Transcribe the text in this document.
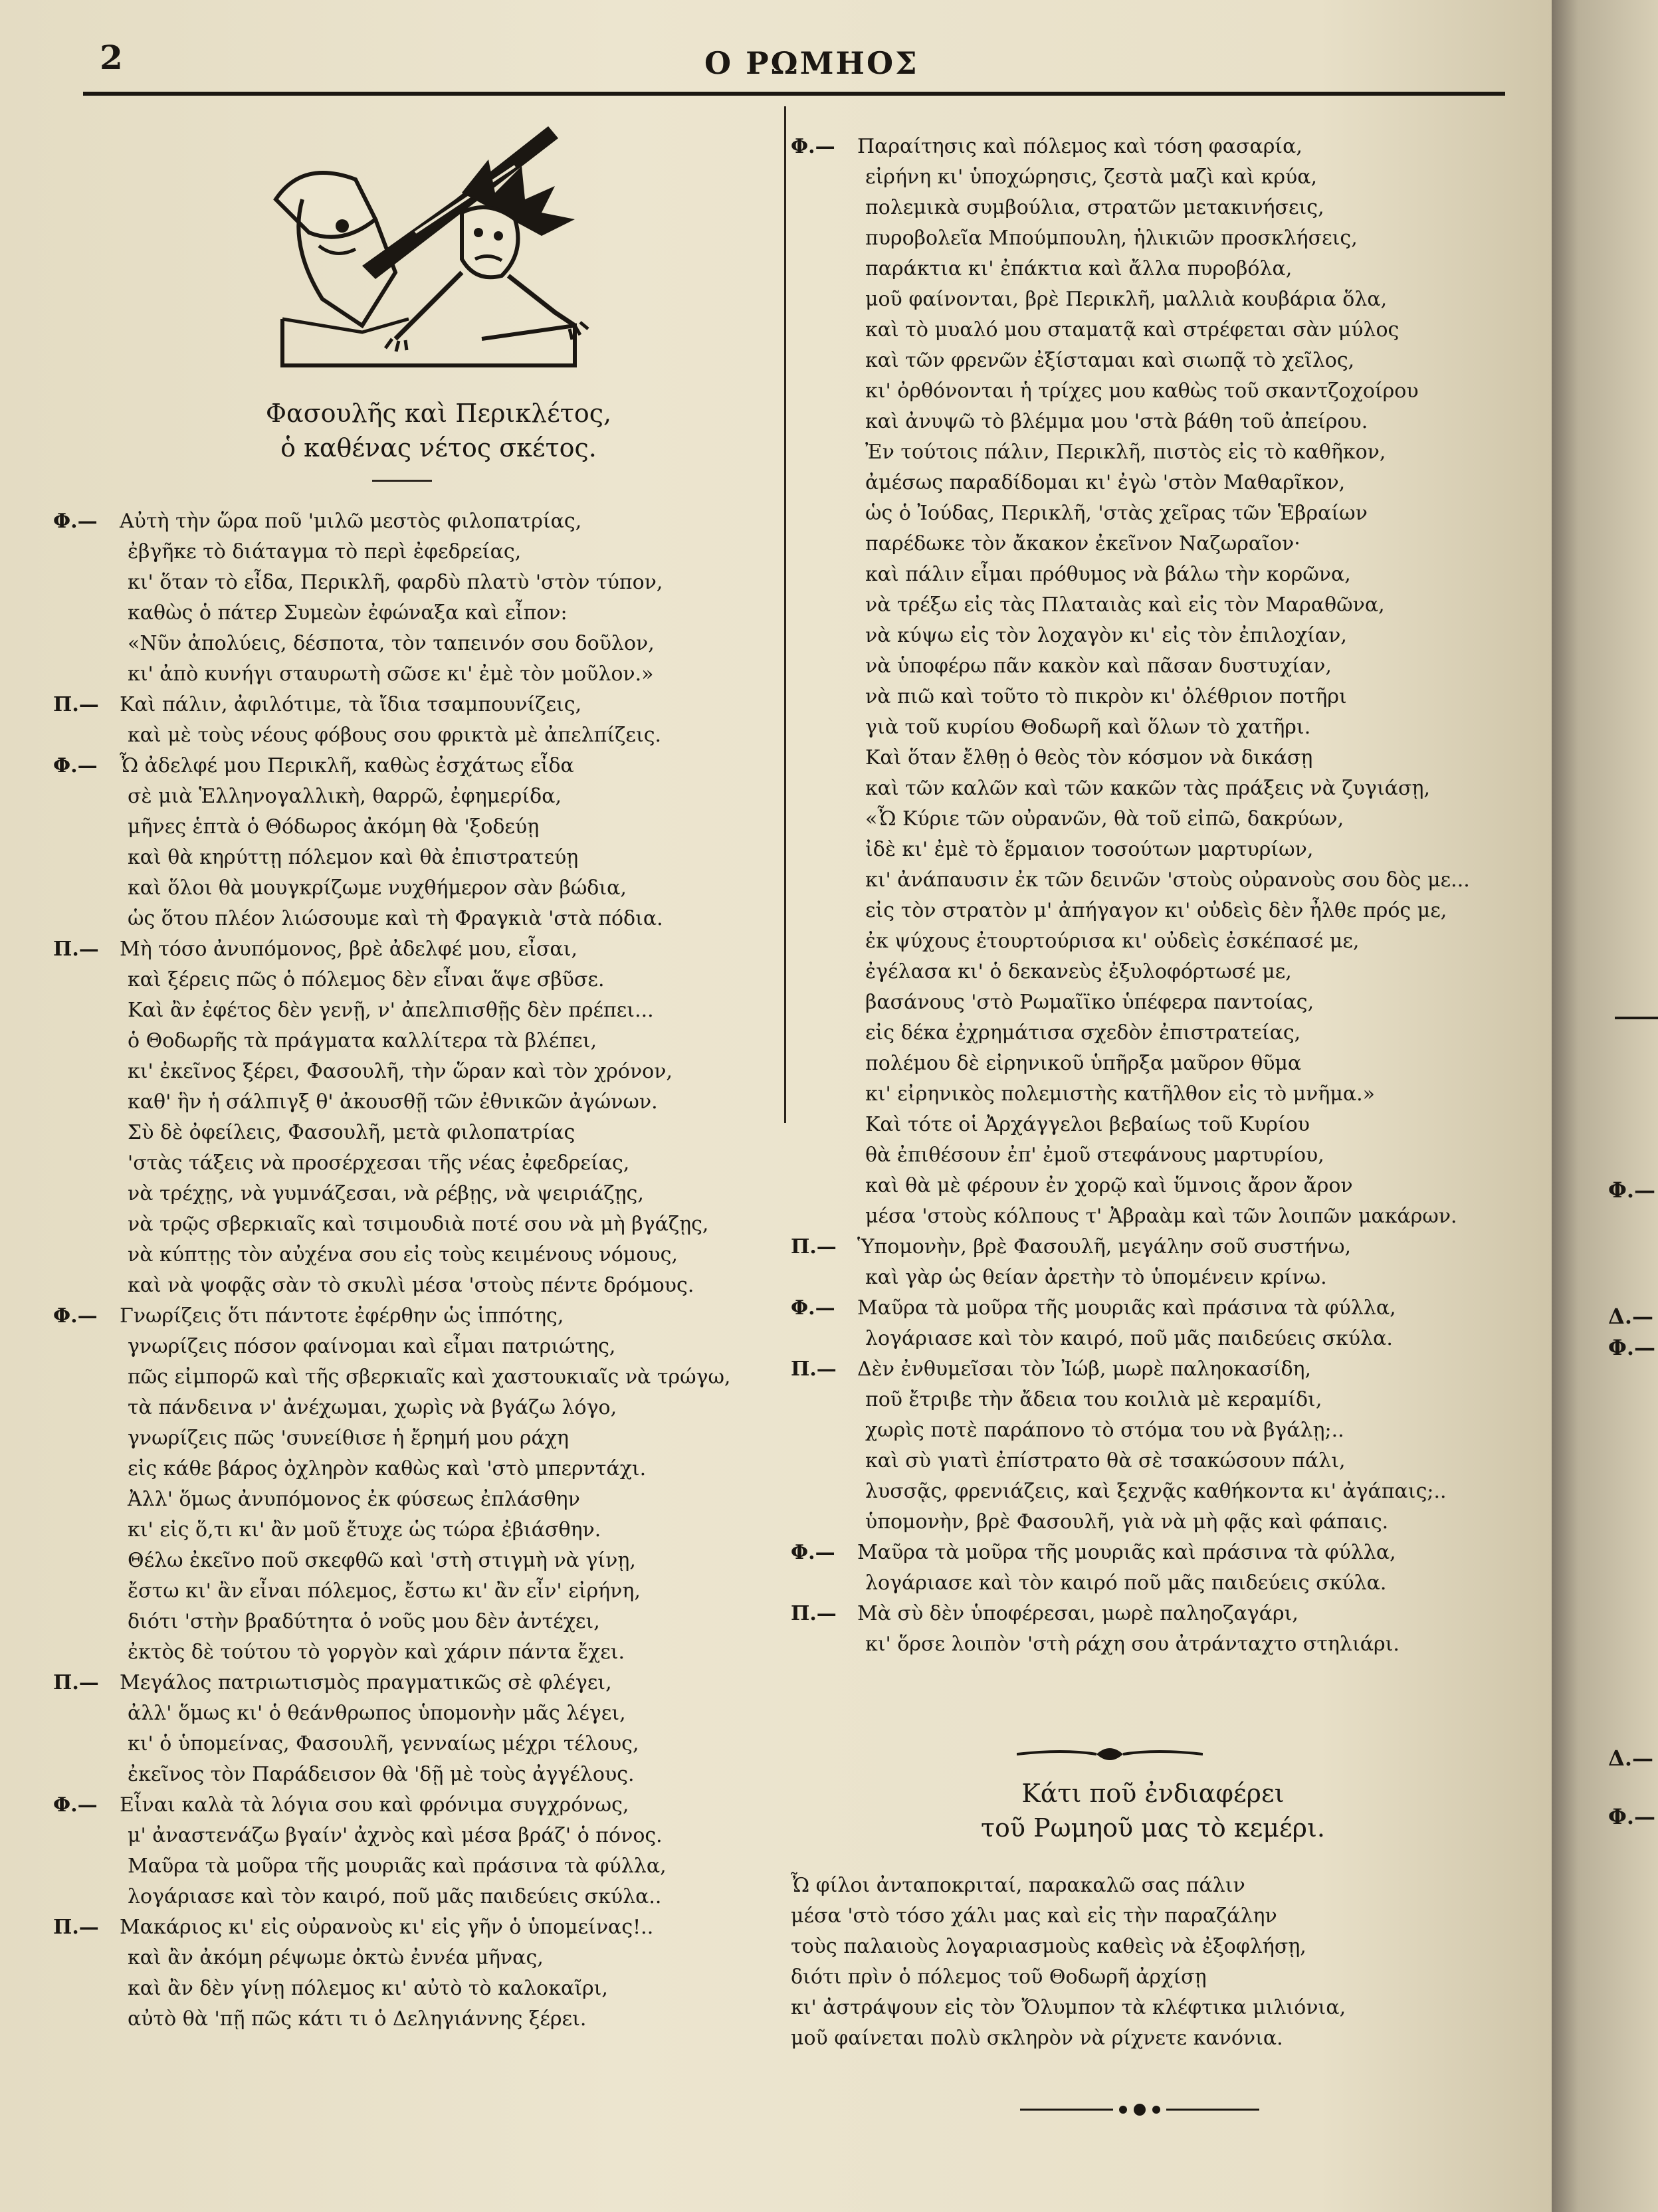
2	Ο ΡΩΜΗΟΣ
Φασουλῆς καὶ Περικλέτος,
ὁ καθένας νέτος σκέτος.
Φ.— Αὐτὴ τὴν ὥρα ποῦ 'μιλῶ μεστὸς φιλοπατρίας,
ἐβγῆκε τὸ διάταγμα τὸ περὶ ἐφεδρείας,
κι' ὅταν τὸ εἶδα, Περικλῆ, φαρδὺ πλατὺ 'στὸν τύπον,
καθὼς ὁ πάτερ Συμεὼν ἐφώναξα καὶ εἶπον:
«Νῦν ἀπολύεις, δέσποτα, τὸν ταπεινόν σου δοῦλον,
κι' ἀπὸ κυνήγι σταυρωτὴ σῶσε κι' ἐμὲ τὸν μοῦλον.»
Π.— Καὶ πάλιν, ἀφιλότιμε, τὰ ἴδια τσαμπουνίζεις,
καὶ μὲ τοὺς νέους φόβους σου φρικτὰ μὲ ἀπελπίζεις.
Φ.— Ὦ ἀδελφέ μου Περικλῆ, καθὼς ἐσχάτως εἶδα
σὲ μιὰ Ἑλληνογαλλικὴ, θαρρῶ, ἐφημερίδα,
μῆνες ἑπτὰ ὁ Θόδωρος ἀκόμη θὰ 'ξοδεύῃ
καὶ θὰ κηρύττῃ πόλεμον καὶ θὰ ἐπιστρατεύῃ
καὶ ὅλοι θὰ μουγκρίζωμε νυχθήμερον σὰν βώδια,
ὡς ὅτου πλέον λιώσουμε καὶ τὴ Φραγκιὰ 'στὰ πόδια.
Π.— Μὴ τόσο ἀνυπόμονος, βρὲ ἀδελφέ μου, εἶσαι,
καὶ ξέρεις πῶς ὁ πόλεμος δὲν εἶναι ἅψε σβῦσε.
Καὶ ἂν ἐφέτος δὲν γενῇ, ν' ἀπελπισθῇς δὲν πρέπει...
ὁ Θοδωρῆς τὰ πράγματα καλλίτερα τὰ βλέπει,
κι' ἐκεῖνος ξέρει, Φασουλῆ, τὴν ὥραν καὶ τὸν χρόνον,
καθ' ἣν ἡ σάλπιγξ θ' ἀκουσθῇ τῶν ἐθνικῶν ἀγώνων.
Σὺ δὲ ὀφείλεις, Φασουλῆ, μετὰ φιλοπατρίας
'στὰς τάξεις νὰ προσέρχεσαι τῆς νέας ἐφεδρείας,
νὰ τρέχῃς, νὰ γυμνάζεσαι, νὰ ρέβῃς, νὰ ψειριάζῃς,
νὰ τρῷς σβερκιαῖς καὶ τσιμουδιὰ ποτέ σου νὰ μὴ βγάζῃς,
νὰ κύπτῃς τὸν αὐχένα σου εἰς τοὺς κειμένους νόμους,
καὶ νὰ ψοφᾷς σὰν τὸ σκυλὶ μέσα 'στοὺς πέντε δρόμους.
Φ.— Γνωρίζεις ὅτι πάντοτε ἐφέρθην ὡς ἱππότης,
γνωρίζεις πόσον φαίνομαι καὶ εἶμαι πατριώτης,
πῶς εἰμπορῶ καὶ τῆς σβερκιαῖς καὶ χαστουκιαῖς νὰ τρώγω,
τὰ πάνδεινα ν' ἀνέχωμαι, χωρὶς νὰ βγάζω λόγο,
γνωρίζεις πῶς 'συνείθισε ἡ ἔρημή μου ράχη
εἰς κάθε βάρος ὀχληρὸν καθὼς καὶ 'στὸ μπερντάχι.
Ἀλλ' ὅμως ἀνυπόμονος ἐκ φύσεως ἐπλάσθην
κι' εἰς ὅ,τι κι' ἂν μοῦ ἔτυχε ὡς τώρα ἐβιάσθην.
Θέλω ἐκεῖνο ποῦ σκεφθῶ καὶ 'στὴ στιγμὴ νὰ γίνῃ,
ἔστω κι' ἂν εἶναι πόλεμος, ἔστω κι' ἂν εἶν' εἰρήνη,
διότι 'στὴν βραδύτητα ὁ νοῦς μου δὲν ἀντέχει,
ἐκτὸς δὲ τούτου τὸ γοργὸν καὶ χάριν πάντα ἔχει.
Π.— Μεγάλος πατριωτισμὸς πραγματικῶς σὲ φλέγει,
ἀλλ' ὅμως κι' ὁ θεάνθρωπος ὑπομονὴν μᾶς λέγει,
κι' ὁ ὑπομείνας, Φασουλῆ, γενναίως μέχρι τέλους,
ἐκεῖνος τὸν Παράδεισον θὰ 'δῇ μὲ τοὺς ἀγγέλους.
Φ.— Εἶναι καλὰ τὰ λόγια σου καὶ φρόνιμα συγχρόνως,
μ' ἀναστενάζω βγαίν' ἀχνὸς καὶ μέσα βράζ' ὁ πόνος.
Μαῦρα τὰ μοῦρα τῆς μουριᾶς καὶ πράσινα τὰ φύλλα,
λογάριασε καὶ τὸν καιρό, ποῦ μᾶς παιδεύεις σκύλα..
Π.— Μακάριος κι' εἰς οὐρανοὺς κι' εἰς γῆν ὁ ὑπομείνας!..
καὶ ἂν ἀκόμη ρέψωμε ὀκτὼ ἐννέα μῆνας,
καὶ ἂν δὲν γίνῃ πόλεμος κι' αὐτὸ τὸ καλοκαῖρι,
αὐτὸ θὰ 'πῇ πῶς κάτι τι ὁ Δεληγιάννης ξέρει.
Φ.— Παραίτησις καὶ πόλεμος καὶ τόση φασαρία,
εἰρήνη κι' ὑποχώρησις, ζεστὰ μαζὶ καὶ κρύα,
πολεμικὰ συμβούλια, στρατῶν μετακινήσεις,
πυροβολεῖα Μπούμπουλη, ἡλικιῶν προσκλήσεις,
παράκτια κι' ἐπάκτια καὶ ἄλλα πυροβόλα,
μοῦ φαίνονται, βρὲ Περικλῆ, μαλλιὰ κουβάρια ὅλα,
καὶ τὸ μυαλό μου σταματᾷ καὶ στρέφεται σὰν μύλος
καὶ τῶν φρενῶν ἐξίσταμαι καὶ σιωπᾷ τὸ χεῖλος,
κι' ὀρθόνονται ἡ τρίχες μου καθὼς τοῦ σκαντζοχοίρου
καὶ ἀνυψῶ τὸ βλέμμα μου 'στὰ βάθη τοῦ ἀπείρου.
Ἐν τούτοις πάλιν, Περικλῆ, πιστὸς εἰς τὸ καθῆκον,
ἀμέσως παραδίδομαι κι' ἐγὼ 'στὸν Μαθαρῖκον,
ὡς ὁ Ἰούδας, Περικλῆ, 'στὰς χεῖρας τῶν Ἑβραίων
παρέδωκε τὸν ἄκακον ἐκεῖνον Ναζωραῖον·
καὶ πάλιν εἶμαι πρόθυμος νὰ βάλω τὴν κορῶνα,
νὰ τρέξω εἰς τὰς Πλαταιὰς καὶ εἰς τὸν Μαραθῶνα,
νὰ κύψω εἰς τὸν λοχαγὸν κι' εἰς τὸν ἐπιλοχίαν,
νὰ ὑποφέρω πᾶν κακὸν καὶ πᾶσαν δυστυχίαν,
νὰ πιῶ καὶ τοῦτο τὸ πικρὸν κι' ὀλέθριον ποτῆρι
γιὰ τοῦ κυρίου Θοδωρῆ καὶ ὅλων τὸ χατῆρι.
Καὶ ὅταν ἔλθῃ ὁ θεὸς τὸν κόσμον νὰ δικάσῃ
καὶ τῶν καλῶν καὶ τῶν κακῶν τὰς πράξεις νὰ ζυγιάσῃ,
«Ὦ Κύριε τῶν οὐρανῶν, θὰ τοῦ εἰπῶ, δακρύων,
ἰδὲ κι' ἐμὲ τὸ ἕρμαιον τοσούτων μαρτυρίων,
κι' ἀνάπαυσιν ἐκ τῶν δεινῶν 'στοὺς οὐρανοὺς σου δὸς με...
εἰς τὸν στρατὸν μ' ἀπήγαγον κι' οὐδεὶς δὲν ἦλθε πρός με,
ἐκ ψύχους ἐτουρτούρισα κι' οὐδεὶς ἐσκέπασέ με,
ἐγέλασα κι' ὁ δεκανεὺς ἐξυλοφόρτωσέ με,
βασάνους 'στὸ Ρωμαῖϊκο ὑπέφερα παντοίας,
εἰς δέκα ἐχρημάτισα σχεδὸν ἐπιστρατείας,
πολέμου δὲ εἰρηνικοῦ ὑπῆρξα μαῦρον θῦμα
κι' εἰρηνικὸς πολεμιστὴς κατῆλθον εἰς τὸ μνῆμα.»
Καὶ τότε οἱ Ἀρχάγγελοι βεβαίως τοῦ Κυρίου
θὰ ἐπιθέσουν ἐπ' ἐμοῦ στεφάνους μαρτυρίου,
καὶ θὰ μὲ φέρουν ἐν χορῷ καὶ ὕμνοις ἄρον ἄρον
μέσα 'στοὺς κόλπους τ' Ἀβραὰμ καὶ τῶν λοιπῶν μακάρων.
Π.— Ὑπομονὴν, βρὲ Φασουλῆ, μεγάλην σοῦ συστήνω,
καὶ γὰρ ὡς θείαν ἀρετὴν τὸ ὑπομένειν κρίνω.
Φ.— Μαῦρα τὰ μοῦρα τῆς μουριᾶς καὶ πράσινα τὰ φύλλα,
λογάριασε καὶ τὸν καιρό, ποῦ μᾶς παιδεύεις σκύλα.
Π.— Δὲν ἐνθυμεῖσαι τὸν Ἰώβ, μωρὲ παληοκασίδη,
ποῦ ἔτριβε τὴν ἄδεια του κοιλιὰ μὲ κεραμίδι,
χωρὶς ποτὲ παράπονο τὸ στόμα του νὰ βγάλῃ;..
καὶ σὺ γιατὶ ἐπίστρατο θὰ σὲ τσακώσουν πάλι,
λυσσᾷς, φρενιάζεις, καὶ ξεχνᾷς καθήκοντα κι' ἀγάπαις;..
ὑπομονὴν, βρὲ Φασουλῆ, γιὰ νὰ μὴ φᾷς καὶ φάπαις.
Φ.— Μαῦρα τὰ μοῦρα τῆς μουριᾶς καὶ πράσινα τὰ φύλλα,
λογάριασε καὶ τὸν καιρό ποῦ μᾶς παιδεύεις σκύλα.
Π.— Μὰ σὺ δὲν ὑποφέρεσαι, μωρὲ παληοζαγάρι,
κι' ὅρσε λοιπὸν 'στὴ ράχη σου ἀτράνταχτο στηλιάρι.
Κάτι ποῦ ἐνδιαφέρει
τοῦ Ρωμηοῦ μας τὸ κεμέρι.
Ὦ φίλοι ἀνταποκριταί, παρακαλῶ σας πάλιν
μέσα 'στὸ τόσο χάλι μας καὶ εἰς τὴν παραζάλην
τοὺς παλαιοὺς λογαριασμοὺς καθεὶς νὰ ἐξοφλήσῃ,
διότι πρὶν ὁ πόλεμος τοῦ Θοδωρῆ ἀρχίσῃ
κι' ἀστράψουν εἰς τὸν Ὄλυμπον τὰ κλέφτικα μιλιόνια,
μοῦ φαίνεται πολὺ σκληρὸν νὰ ρίχνετε κανόνια.
Φ.—
Δ.—
Φ.—
Δ.—
Φ.—
